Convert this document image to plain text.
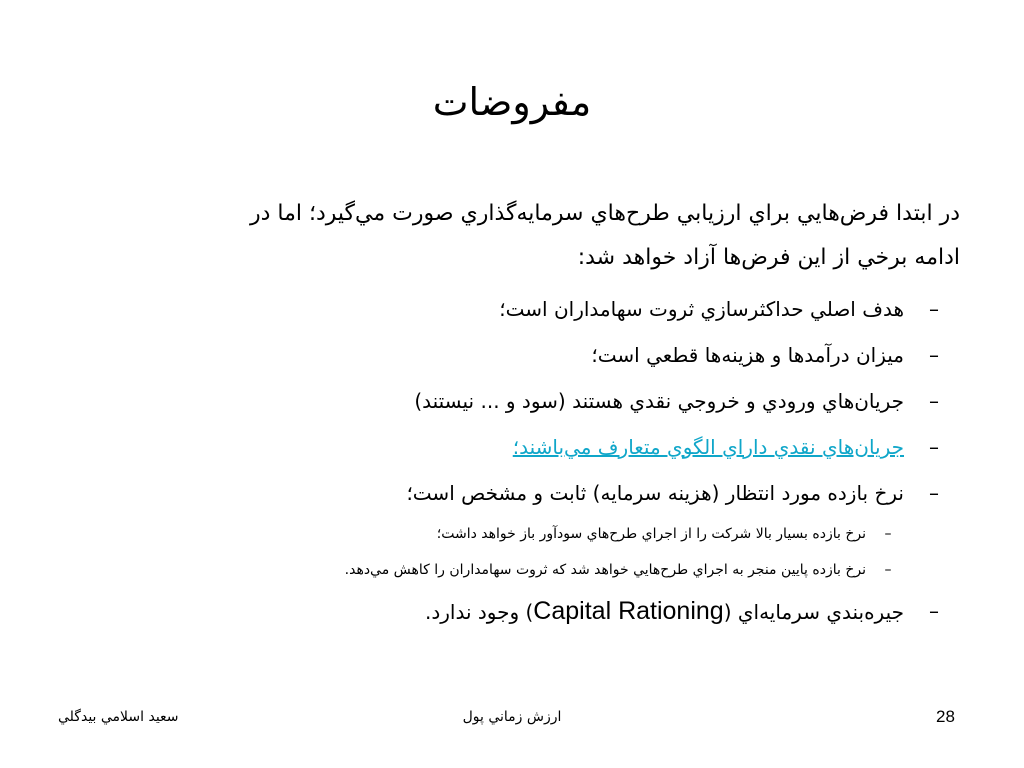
مفروضات

در ابتدا فرض‌هايي براي ارزيابي طرح‌هاي سرمايه‌گذاري صورت مي‌گيرد؛ اما در
ادامه برخي از اين فرض‌ها آزاد خواهد شد:

–
هدف اصلي حداكثرسازي ثروت سهامداران است؛
–
ميزان درآمدها و هزينه‌ها قطعي است؛
–
جريان‌هاي ورودي و خروجي نقدي هستند (سود و ... نيستند)
–
جريان‌هاي نقدي داراي الگوي متعارف مي‌باشند؛
–
نرخ بازده مورد انتظار (هزينه سرمايه) ثابت و مشخص است؛
–
نرخ بازده بسيار بالا شركت را از اجراي طرح‌هاي سودآور باز خواهد داشت؛
–
نرخ بازده پايين منجر به اجراي طرح‌هايي خواهد شد كه ثروت سهامداران را كاهش مي‌دهد.
–
جيره‌بندي سرمايه‌اي (Capital Rationing) وجود ندارد.
سعيد اسلامي بيدگلي	ارزش زماني پول	28
